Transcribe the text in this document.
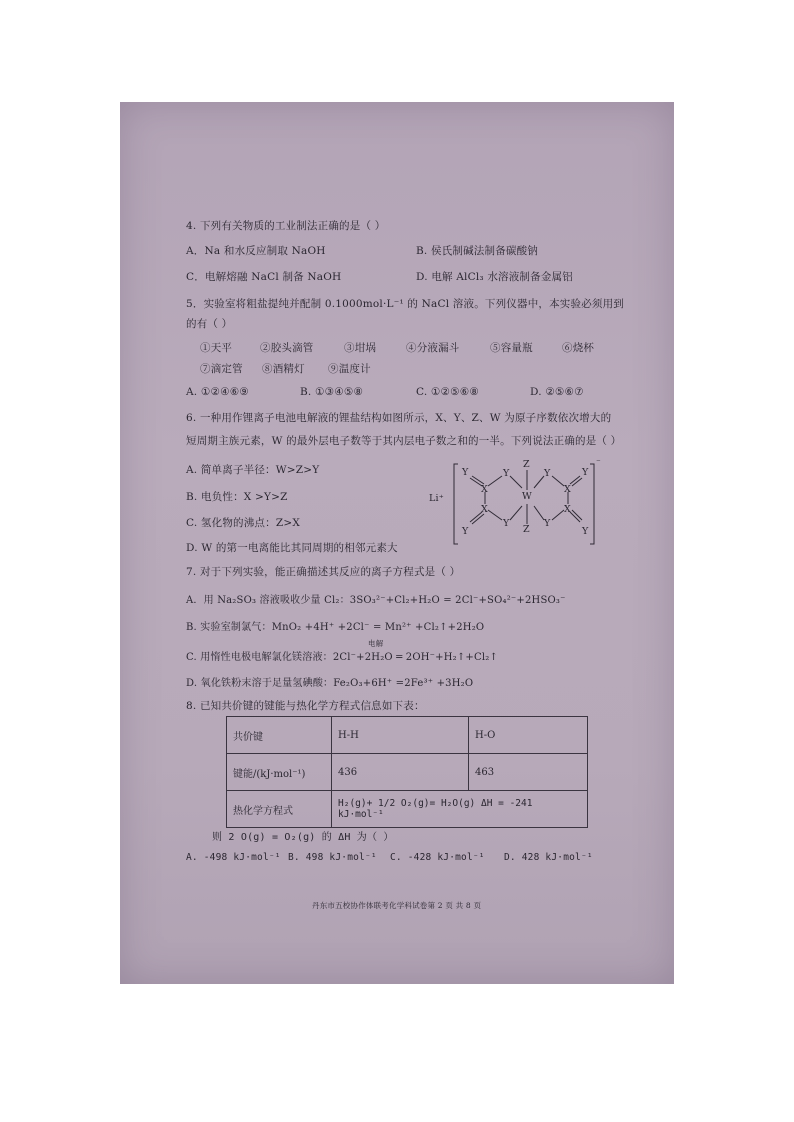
4. 下列有关物质的工业制法正确的是（ ）
A．Na 和水反应制取 NaOH	B. 侯氏制碱法制备碳酸钠
C．电解熔融 NaCl 制备 NaOH	D. 电解 AlCl₃ 水溶液制备金属铝
5．实验室将粗盐提纯并配制 0.1000mol·L⁻¹ 的 NaCl 溶液。下列仪器中，本实验必须用到
的有（ ）
①天平	②胶头滴管	③坩埚	④分液漏斗	⑤容量瓶	⑥烧杯
⑦滴定管 ⑧酒精灯 ⑨温度计
A. ①②④⑥⑨	B. ①③④⑤⑧	C. ①②⑤⑥⑧	D. ②⑤⑥⑦
6. 一种用作锂离子电池电解液的锂盐结构如图所示，X、Y、Z、W 为原子序数依次增大的
短周期主族元素，W 的最外层电子数等于其内层电子数之和的一半。下列说法正确的是（ ）
A. 简单离子半径：W>Z>Y
B. 电负性：X >Y>Z
C. 氢化物的沸点：Z>X
D. W 的第一电离能比其同周期的相邻元素大
Li⁺
⁻
Y
X
Y
Z
W
Z
Y
X
Y
Y
X
Y	Y
X
Y
7. 对于下列实验，能正确描述其反应的离子方程式是（ ）
A．用 Na₂SO₃ 溶液吸收少量 Cl₂：3SO₃²⁻+Cl₂+H₂O = 2Cl⁻+SO₄²⁻+2HSO₃⁻
B. 实验室制氯气：MnO₂ +4H⁺ +2Cl⁻ = Mn²⁺ +Cl₂↑+2H₂O
电解
C. 用惰性电极电解氯化镁溶液：2Cl⁻+2H₂O ═ 2OH⁻+H₂↑+Cl₂↑
D. 氧化铁粉末溶于足量氢碘酸：Fe₂O₃+6H⁺ =2Fe³⁺ +3H₂O
8. 已知共价键的键能与热化学方程式信息如下表：
共价键	H-H	H-O
键能/(kJ·mol⁻¹)	436	463
热化学方程式	H₂(g)+ 1/2 O₂(g)= H₂O(g) ΔH = -241 kJ·mol⁻¹	
则 2 O(g) = O₂(g) 的 ΔH 为（ ）
A. -498 kJ·mol⁻¹ B. 498 kJ·mol⁻¹ C. -428 kJ·mol⁻¹ D. 428 kJ·mol⁻¹
丹东市五校协作体联考化学科试卷第 2 页 共 8 页
